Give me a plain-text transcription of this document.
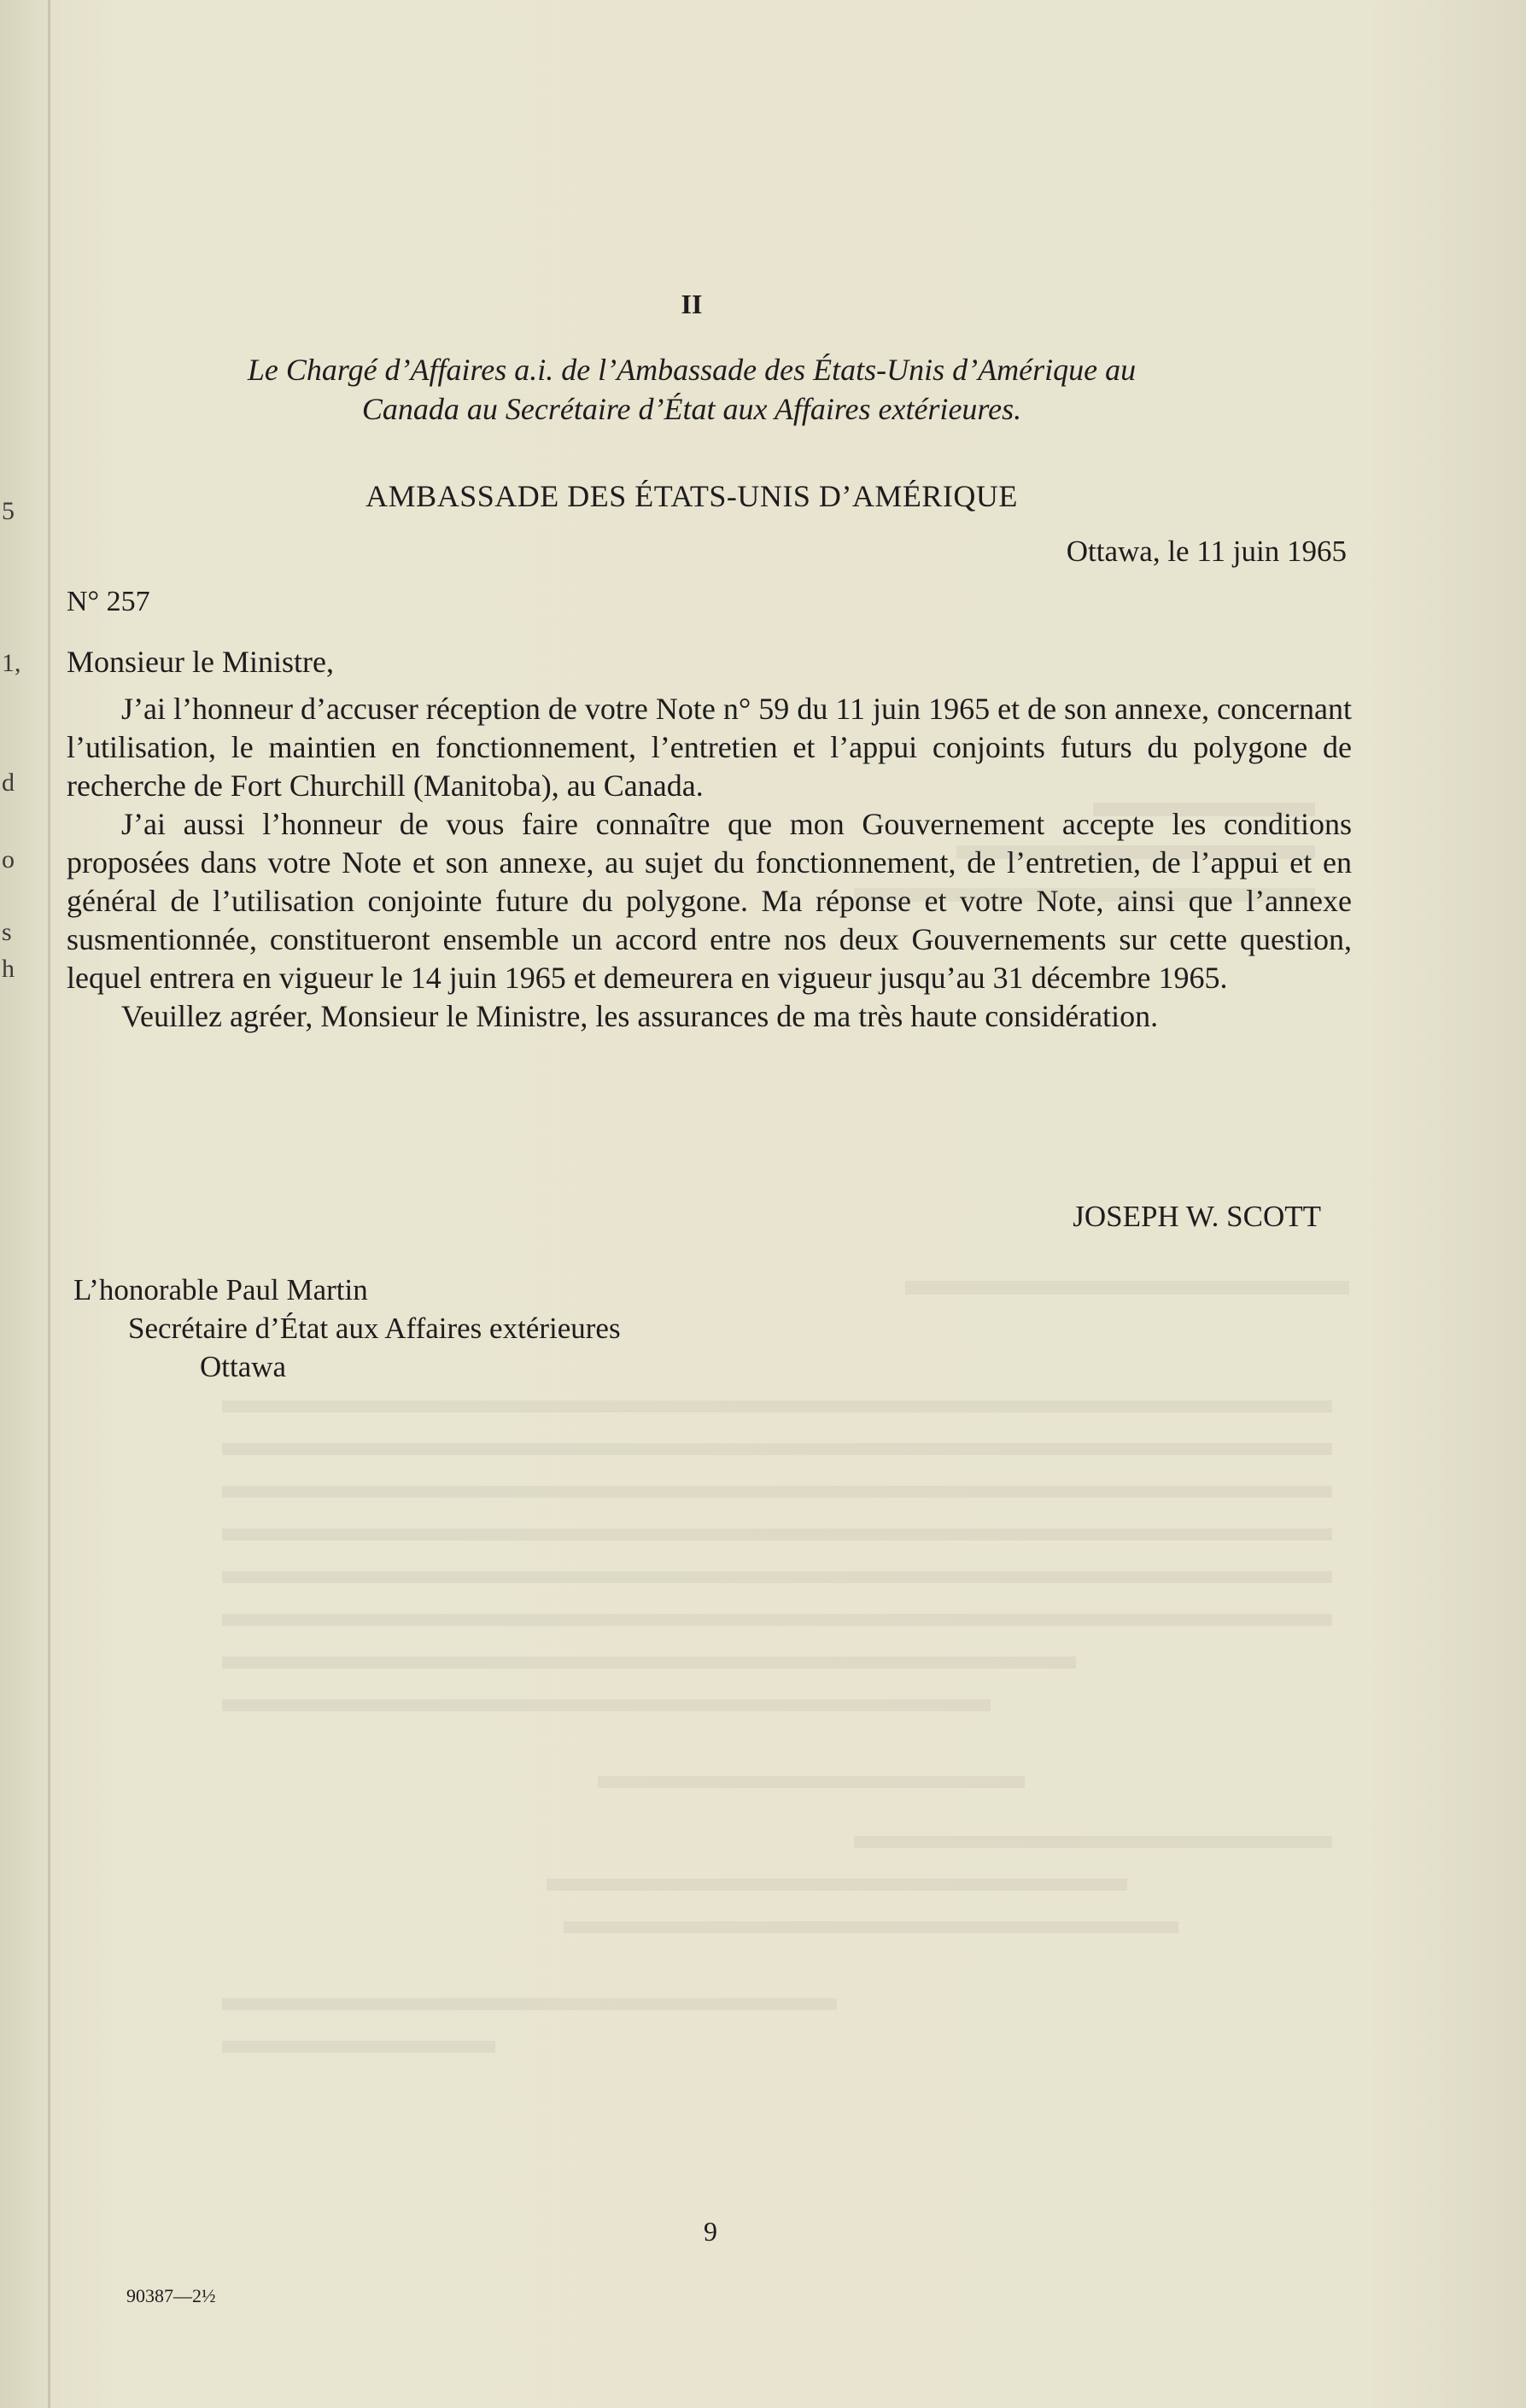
5
1,
d
o
s
h
II
Le Chargé d’Affaires a.i. de l’Ambassade des États-Unis d’Amérique au Canada au Secrétaire d’État aux Affaires extérieures.
AMBASSADE DES ÉTATS-UNIS D’AMÉRIQUE
Ottawa, le 11 juin 1965
N° 257
Monsieur le Ministre,

J’ai l’honneur d’accuser réception de votre Note n° 59 du 11 juin 1965 et de son annexe, concernant l’utilisation, le maintien en fonctionnement, l’entretien et l’appui conjoints futurs du polygone de recherche de Fort Churchill (Manitoba), au Canada.

J’ai aussi l’honneur de vous faire connaître que mon Gouvernement accepte les conditions proposées dans votre Note et son annexe, au sujet du fonctionnement, de l’entretien, de l’appui et en général de l’utilisation conjointe future du polygone. Ma réponse et votre Note, ainsi que l’annexe susmentionnée, constitueront ensemble un accord entre nos deux Gouvernements sur cette question, lequel entrera en vigueur le 14 juin 1965 et demeurera en vigueur jusqu’au 31 décembre 1965.

Veuillez agréer, Monsieur le Ministre, les assurances de ma très haute considération.

JOSEPH W. SCOTT
L’honorable Paul Martin
Secrétaire d’État aux Affaires extérieures
Ottawa
9
90387—2½
